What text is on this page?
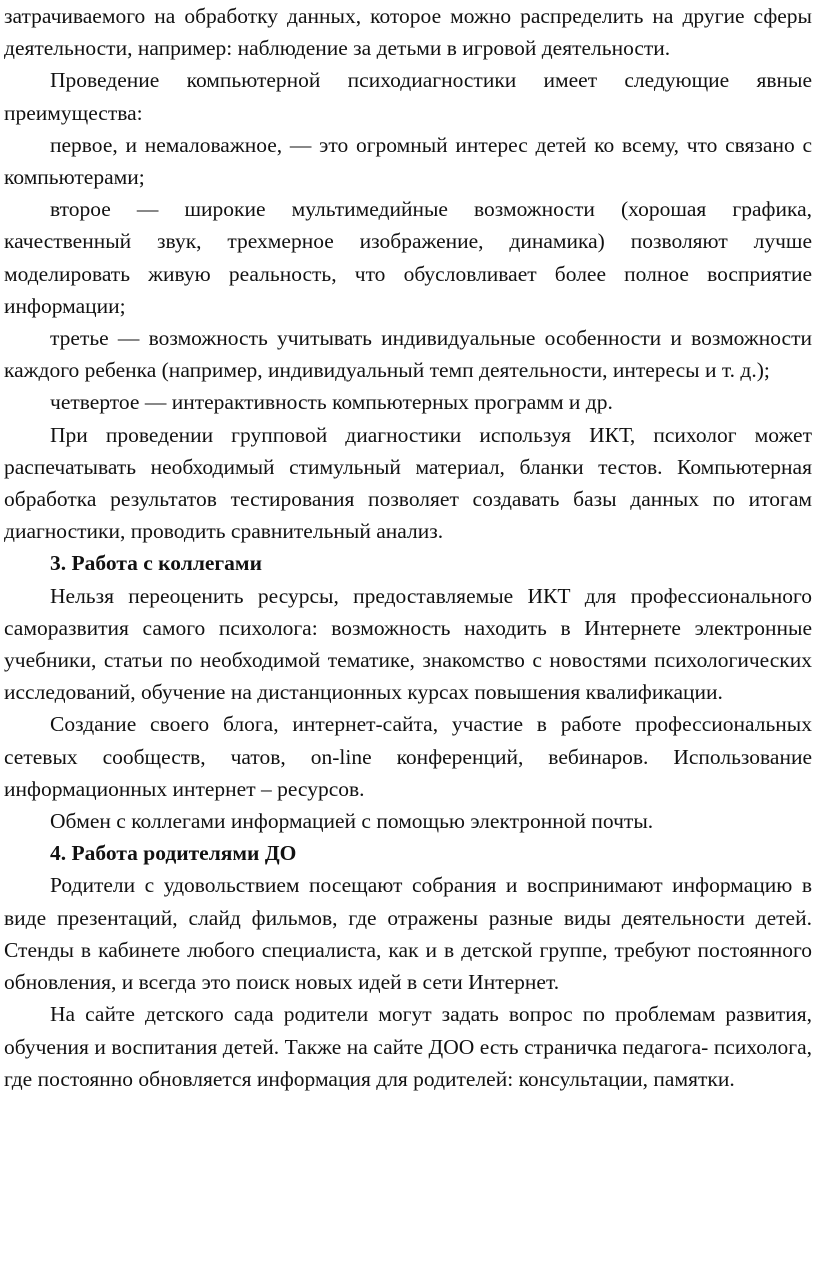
затрачиваемого на обработку данных, которое можно распределить на другие сферы деятельности, например: наблюдение за детьми в игровой деятельности.

Проведение компьютерной психодиагностики имеет следующие явные преимущества:

первое, и немаловажное, — это огромный интерес детей ко всему, что связано с компьютерами;

второе — широкие мультимедийные возможности (хорошая графика, качественный звук, трехмерное изображение, динамика) позволяют лучше моделировать живую реальность, что обусловливает более полное восприятие информации;

третье — возможность учитывать индивидуальные особенности и возможности каждого ребенка (например, индивидуальный темп деятельности, интересы и т. д.);

четвертое — интерактивность компьютерных программ и др.

При проведении групповой диагностики используя ИКТ, психолог может распечатывать необходимый стимульный материал, бланки тестов. Компьютерная обработка результатов тестирования позволяет создавать базы данных по итогам диагностики, проводить сравнительный анализ.

3. Работа с коллегами

Нельзя переоценить ресурсы, предоставляемые ИКТ для профессионального саморазвития самого психолога: возможность находить в Интернете электронные учебники, статьи по необходимой тематике, знакомство с новостями психологических исследований, обучение на дистанционных курсах повышения квалификации.

Создание своего блога, интернет-сайта, участие в работе профессиональных сетевых сообществ, чатов, on-line конференций, вебинаров. Использование информационных интернет – ресурсов.

Обмен с коллегами информацией с помощью электронной почты.

4. Работа родителями ДО

Родители с удовольствием посещают собрания и воспринимают информацию в виде презентаций, слайд фильмов, где отражены разные виды деятельности детей. Стенды в кабинете любого специалиста, как и в детской группе, требуют постоянного обновления, и всегда это поиск новых идей в сети Интернет.

На сайте детского сада родители могут задать вопрос по проблемам развития, обучения и воспитания детей. Также на сайте ДОО есть страничка педагога- психолога, где постоянно обновляется информация для родителей: консультации, памятки.
